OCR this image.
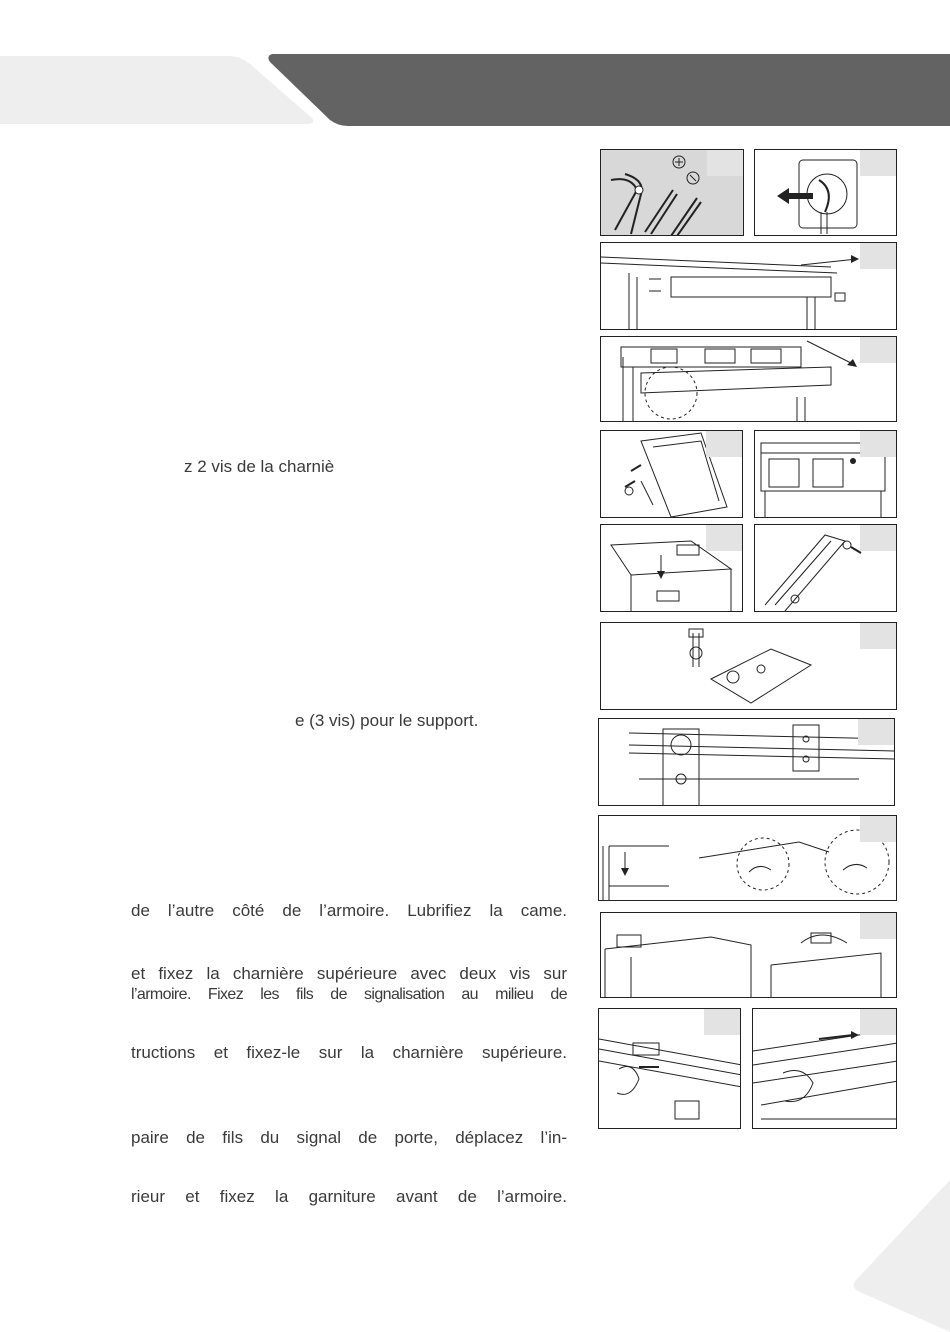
z 2 vis de la charniè
e (3 vis) pour le support.
de l’autre côté de l’armoire. Lubrifiez la came.
et fixez la charnière supérieure avec deux vis sur
l’armoire. Fixez les fils de signalisation au milieu de
tructions et fixez-le sur la charnière supérieure.
paire de fils du signal de porte, déplacez l’in-
rieur et fixez la garniture avant de l’armoire.
